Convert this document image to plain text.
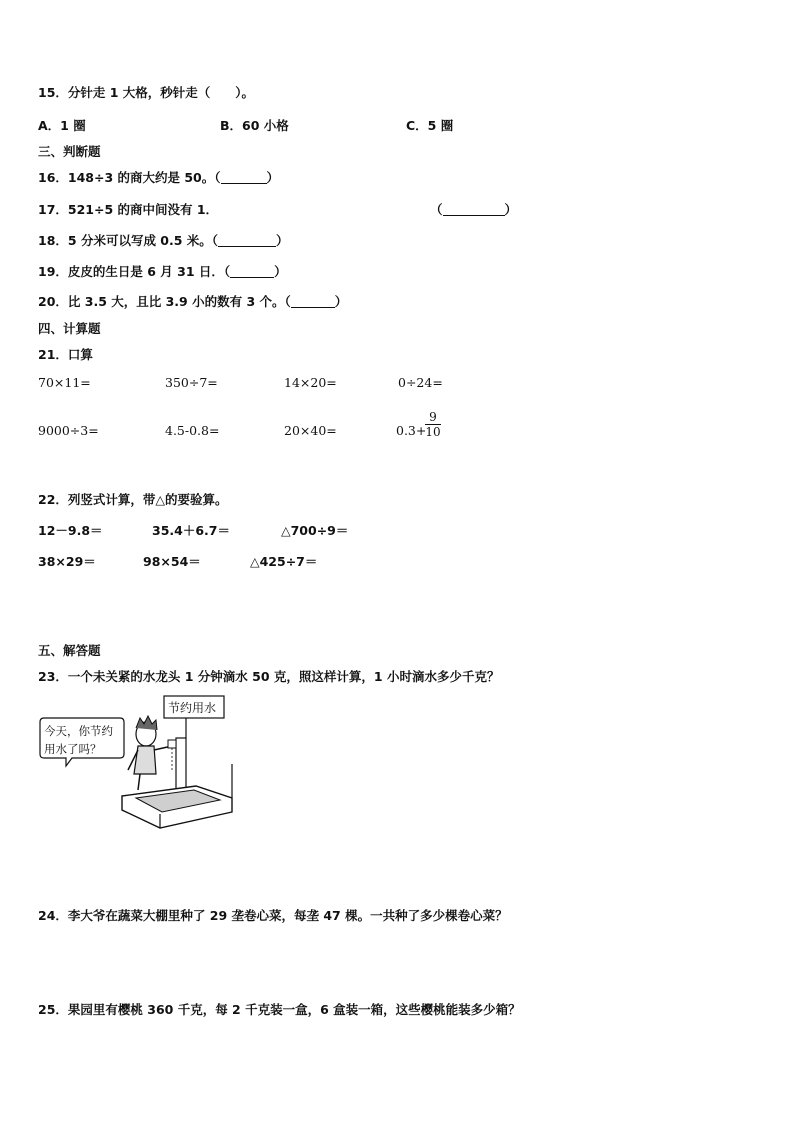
15．分针走 1 大格，秒针走（　　）。
A．1 圈	B．60 小格	C．5 圈
三、判断题
16．148÷3 的商大约是 50。（	）
17．521÷5 的商中间没有 1．	（	）
18．5 分米可以写成 0.5 米。（	）
19．皮皮的生日是 6 月 31 日．（	）
20．比 3.5 大，且比 3.9 小的数有 3 个。（	）
四、计算题
21．口算
70×11=	350÷7=	14×20=	0÷24=
9000÷3=	4.5-0.8=	20×40=	0.3+
$\frac{9}{10}$
22．列竖式计算，带△的要验算。
12－9.8＝	35.4＋6.7＝	△700÷9＝
38×29＝	98×54＝	△425÷7＝
五、解答题
23．一个未关紧的水龙头 1 分钟滴水 50 克，照这样计算，1 小时滴水多少千克？
节约用水
今天，你节约
用水了吗？
24．李大爷在蔬菜大棚里种了 29 垄卷心菜，每垄 47 棵。一共种了多少棵卷心菜？
25．果园里有樱桃 360 千克，每 2 千克装一盒，6 盒装一箱，这些樱桃能装多少箱？
